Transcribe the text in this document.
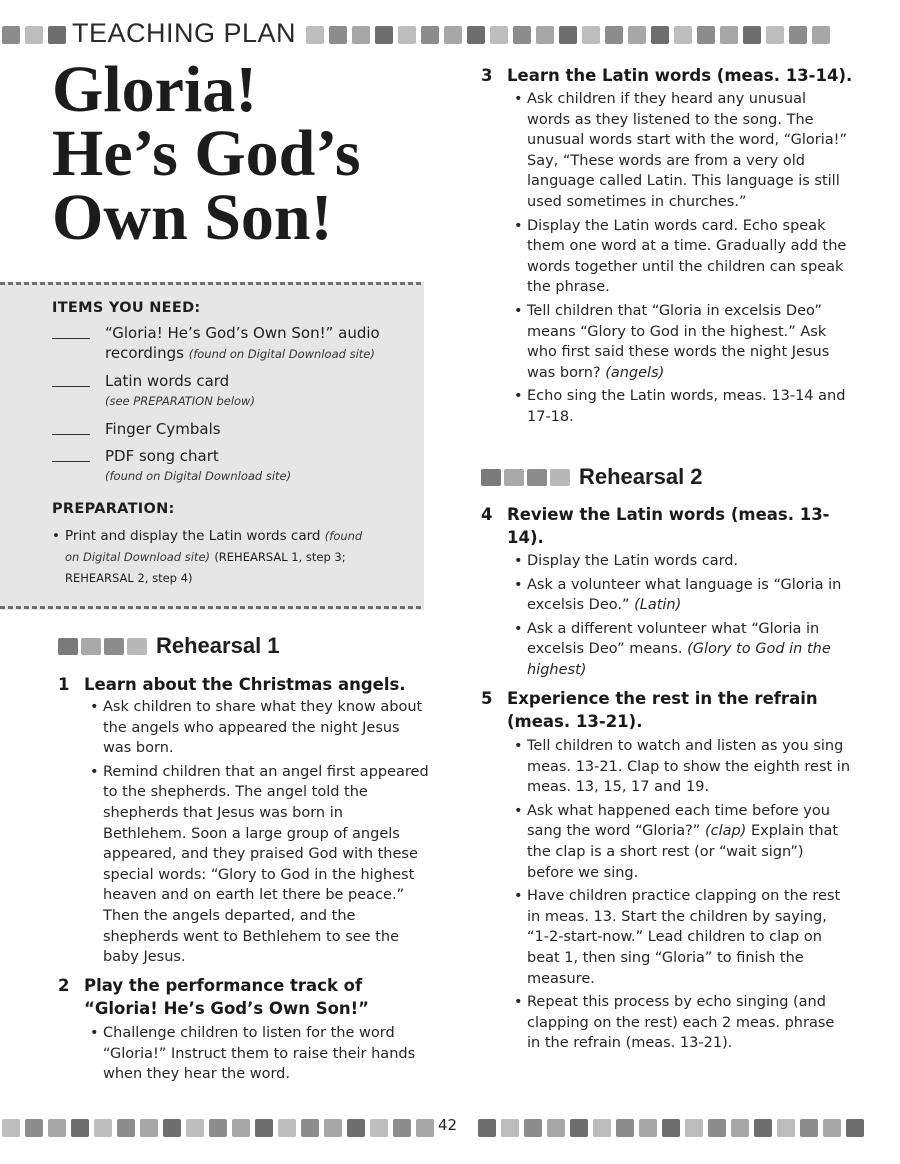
TEACHING PLAN
Gloria!
He’s God’s
Own Son!
ITEMS YOU NEED:
“Gloria! He’s God’s Own Son!” audio
recordings (found on Digital Download site)
Latin words card
(see PREPARATION below)
Finger Cymbals
PDF song chart
(found on Digital Download site)
PREPARATION:
• Print and display the Latin words card (found
on Digital Download site) (REHEARSAL 1, step 3;
REHEARSAL 2, step 4)
Rehearsal 1
1 Learn about the Christmas angels.
• Ask children to share what they know about the angels who appeared the night Jesus was born.
• Remind children that an angel first appeared to the shepherds. The angel told the shepherds that Jesus was born in Bethlehem. Soon a large group of angels appeared, and they praised God with these special words: “Glory to God in the highest heaven and on earth let there be peace.” Then the angels departed, and the shepherds went to Bethlehem to see the baby Jesus.
2 Play the performance track of “Gloria! He’s God’s Own Son!”
• Challenge children to listen for the word “Gloria!” Instruct them to raise their hands when they hear the word.
3 Learn the Latin words (meas. 13-14).
• Ask children if they heard any unusual words as they listened to the song. The unusual words start with the word, “Gloria!” Say, “These words are from a very old language called Latin. This language is still used sometimes in churches.”
• Display the Latin words card. Echo speak them one word at a time. Gradually add the words together until the children can speak the phrase.
• Tell children that “Gloria in excelsis Deo” means “Glory to God in the highest.” Ask who first said these words the night Jesus was born? (angels)
• Echo sing the Latin words, meas. 13-14 and 17-18.
Rehearsal 2
4 Review the Latin words (meas. 13-14).
• Display the Latin words card.
• Ask a volunteer what language is “Gloria in excelsis Deo.” (Latin)
• Ask a different volunteer what “Gloria in excelsis Deo” means. (Glory to God in the highest)
5 Experience the rest in the refrain (meas. 13-21).
• Tell children to watch and listen as you sing meas. 13-21. Clap to show the eighth rest in meas. 13, 15, 17 and 19.
• Ask what happened each time before you sang the word “Gloria?” (clap) Explain that the clap is a short rest (or “wait sign”) before we sing.
• Have children practice clapping on the rest in meas. 13. Start the children by saying, “1-2-start-now.” Lead children to clap on beat 1, then sing “Gloria” to finish the measure.
• Repeat this process by echo singing (and clapping on the rest) each 2 meas. phrase in the refrain (meas. 13-21).
42
